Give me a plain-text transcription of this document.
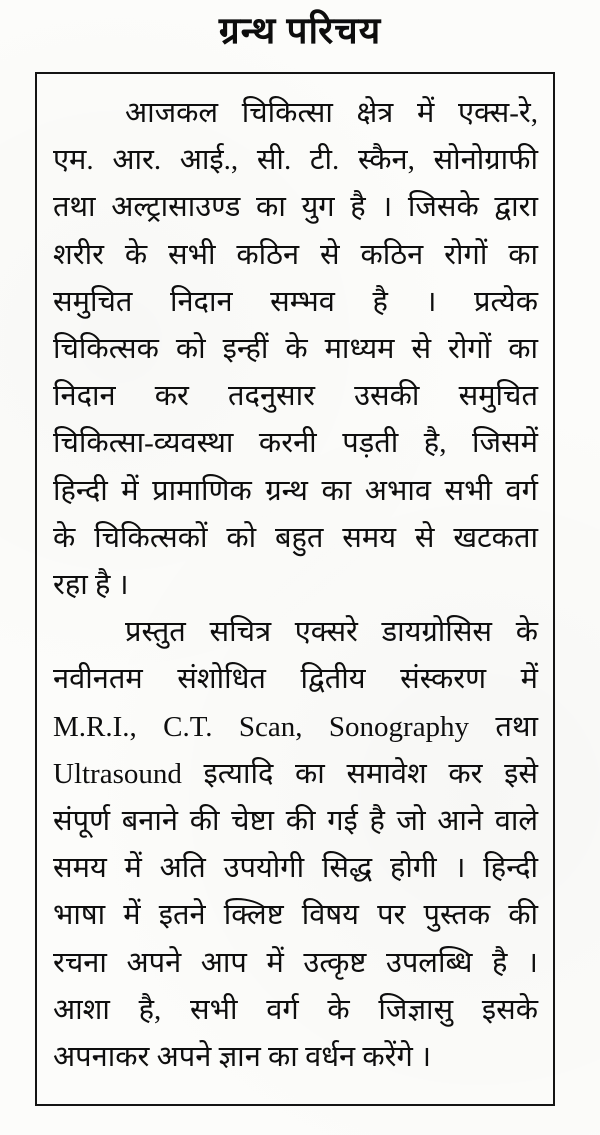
ग्रन्थ परिचय
आजकल चिकित्सा क्षेत्र में एक्स-रे,
एम. आर. आई., सी. टी. स्कैन, सोनोग्राफी
तथा अल्ट्रासाउण्ड का युग है । जिसके द्वारा
शरीर के सभी कठिन से कठिन रोगों का
समुचित निदान सम्भव है । प्रत्येक
चिकित्सक को इन्हीं के माध्यम से रोगों का
निदान कर तदनुसार उसकी समुचित
चिकित्सा-व्यवस्था करनी पड़ती है, जिसमें
हिन्दी में प्रामाणिक ग्रन्थ का अभाव सभी वर्ग
के चिकित्सकों को बहुत समय से खटकता
रहा है ।
प्रस्तुत सचित्र एक्सरे डायग्रोसिस के
नवीनतम संशोधित द्वितीय संस्करण में
M.R.I., C.T. Scan, Sonography तथा
Ultrasound इत्यादि का समावेश कर इसे
संपूर्ण बनाने की चेष्टा की गई है जो आने वाले
समय में अति उपयोगी सिद्ध होगी । हिन्दी
भाषा में इतने क्लिष्ट विषय पर पुस्तक की
रचना अपने आप में उत्कृष्ट उपलब्धि है ।
आशा है, सभी वर्ग के जिज्ञासु इसके
अपनाकर अपने ज्ञान का वर्धन करेंगे ।
